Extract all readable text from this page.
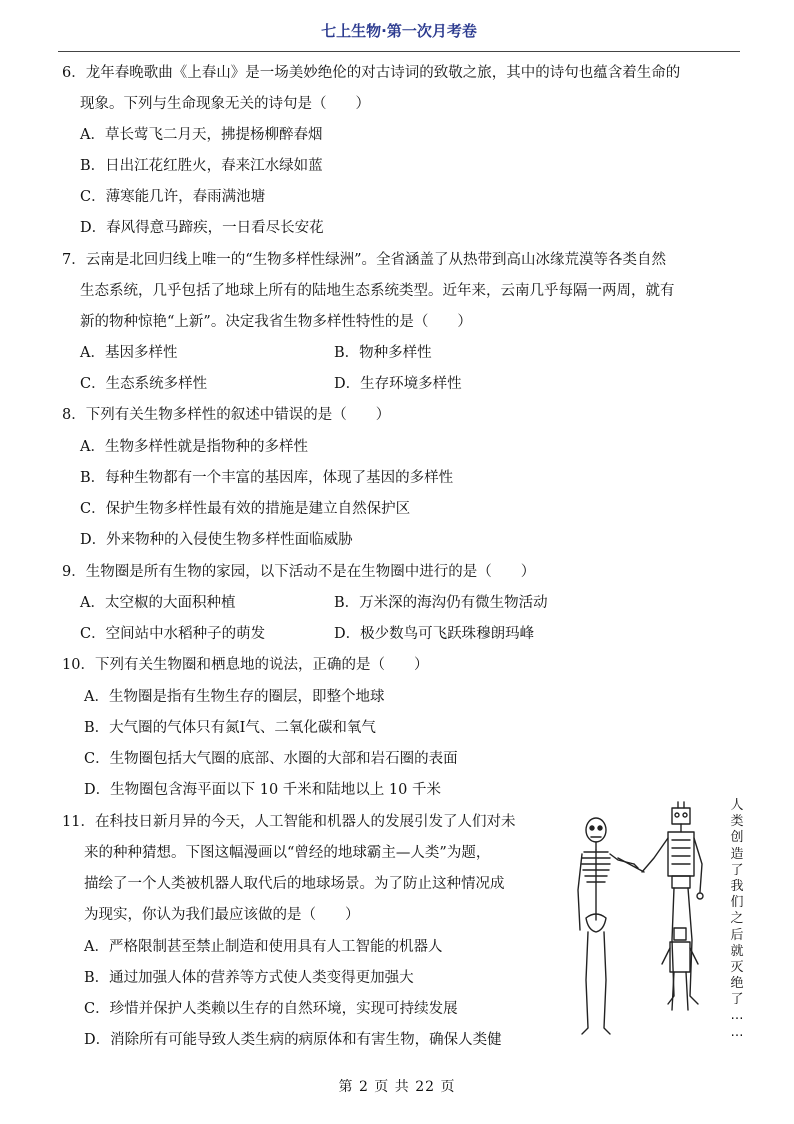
七上生物·第一次月考卷
6．龙年春晚歌曲《上春山》是一场美妙绝伦的对古诗词的致敬之旅，其中的诗句也蕴含着生命的
现象。下列与生命现象无关的诗句是（　　）
A．草长莺飞二月天，拂提杨柳醉春烟
B．日出江花红胜火，春来江水绿如蓝
C．薄寒能几许，春雨满池塘
D．春风得意马蹄疾，一日看尽长安花
7．云南是北回归线上唯一的“生物多样性绿洲”。全省涵盖了从热带到高山冰缘荒漠等各类自然
生态系统，几乎包括了地球上所有的陆地生态系统类型。近年来，云南几乎每隔一两周，就有
新的物种惊艳“上新”。决定我省生物多样性特性的是（　　）
A．基因多样性	B．物种多样性
C．生态系统多样性	D．生存环境多样性
8．下列有关生物多样性的叙述中错误的是（　　）
A．生物多样性就是指物种的多样性
B．每种生物都有一个丰富的基因库，体现了基因的多样性
C．保护生物多样性最有效的措施是建立自然保护区
D．外来物种的入侵使生物多样性面临威胁
9．生物圈是所有生物的家园，以下活动不是在生物圈中进行的是（　　）
A．太空椒的大面积种植	B．万米深的海沟仍有微生物活动
C．空间站中水稻种子的萌发	D．极少数鸟可飞跃珠穆朗玛峰
10．下列有关生物圈和栖息地的说法，正确的是（　　）
A．生物圈是指有生物生存的圈层，即整个地球
B．大气圈的气体只有氮Ⅰ气、二氧化碳和氧气
C．生物圈包括大气圈的底部、水圈的大部和岩石圈的表面
D．生物圈包含海平面以下 10 千米和陆地以上 10 千米
11．在科技日新月异的今天，人工智能和机器人的发展引发了人们对未
来的种种猜想。下图这幅漫画以“曾经的地球霸主—人类”为题，
描绘了一个人类被机器人取代后的地球场景。为了防止这种情况成
为现实，你认为我们最应该做的是（　　）
A．严格限制甚至禁止制造和使用具有人工智能的机器人
B．通过加强人体的营养等方式使人类变得更加强大
C．珍惜并保护人类赖以生存的自然环境，实现可持续发展
D．消除所有可能导致人类生病的病原体和有害生物，确保人类健
人
类
创
造
了
我
们
之
后
就
灭
绝
了
…
…
第 2 页 共 22 页
